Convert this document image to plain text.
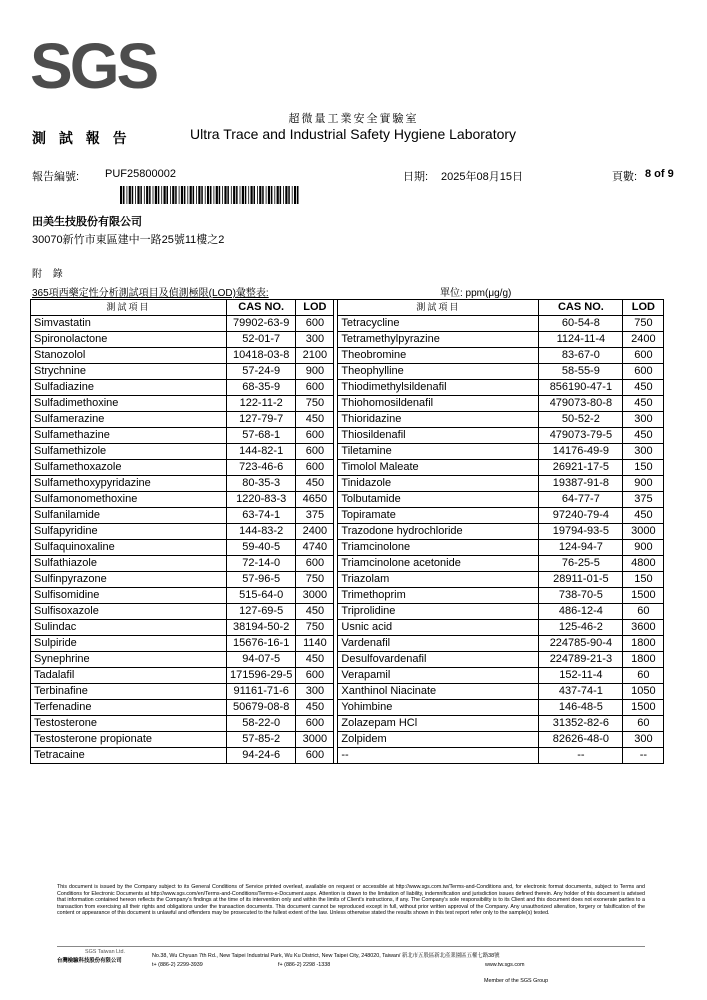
SGS
超微量工業安全實驗室
測 試 報 告	Ultra Trace and Industrial Safety Hygiene Laboratory
報告編號: PUF25800002	日期: 2025年08月15日	頁數: 8 of 9
田美生技股份有限公司
30070新竹市東區建中一路25號11樓之2
附 錄
365項西藥定性分析測試項目及偵測極限(LOD)彙整表:	單位: ppm(μg/g)
測試項目	CAS NO.	LOD		測試項目	CAS NO.	LOD
Simvastatin	79902-63-9	600		Tetracycline	60-54-8	750
Spironolactone	52-01-7	300		Tetramethylpyrazine	1124-11-4	2400
Stanozolol	10418-03-8	2100		Theobromine	83-67-0	600
Strychnine	57-24-9	900		Theophylline	58-55-9	600
Sulfadiazine	68-35-9	600		Thiodimethylsildenafil	856190-47-1	450
Sulfadimethoxine	122-11-2	750		Thiohomosildenafil	479073-80-8	450
Sulfamerazine	127-79-7	450		Thioridazine	50-52-2	300
Sulfamethazine	57-68-1	600		Thiosildenafil	479073-79-5	450
Sulfamethizole	144-82-1	600		Tiletamine	14176-49-9	300
Sulfamethoxazole	723-46-6	600		Timolol Maleate	26921-17-5	150
Sulfamethoxypyridazine	80-35-3	450		Tinidazole	19387-91-8	900
Sulfamonomethoxine	1220-83-3	4650		Tolbutamide	64-77-7	375
Sulfanilamide	63-74-1	375		Topiramate	97240-79-4	450
Sulfapyridine	144-83-2	2400		Trazodone hydrochloride	19794-93-5	3000
Sulfaquinoxaline	59-40-5	4740		Triamcinolone	124-94-7	900
Sulfathiazole	72-14-0	600		Triamcinolone acetonide	76-25-5	4800
Sulfinpyrazone	57-96-5	750		Triazolam	28911-01-5	150
Sulfisomidine	515-64-0	3000		Trimethoprim	738-70-5	1500
Sulfisoxazole	127-69-5	450		Triprolidine	486-12-4	60
Sulindac	38194-50-2	750		Usnic acid	125-46-2	3600
Sulpiride	15676-16-1	1140		Vardenafil	224785-90-4	1800
Synephrine	94-07-5	450		Desulfovardenafil	224789-21-3	1800
Tadalafil	171596-29-5	600		Verapamil	152-11-4	60
Terbinafine	91161-71-6	300		Xanthinol Niacinate	437-74-1	1050
Terfenadine	50679-08-8	450		Yohimbine	146-48-5	1500
Testosterone	58-22-0	600		Zolazepam HCl	31352-82-6	60
Testosterone propionate	57-85-2	3000		Zolpidem	82626-48-0	300
Tetracaine	94-24-6	600		--	--	--
This document is issued by the Company subject to its General Conditions of Service printed overleaf, available on request or accessible at http://www.sgs.com.tw/Terms-and-Conditions and, for electronic format documents, subject to Terms and Conditions for Electronic Documents at http://www.sgs.com/en/Terms-and-Conditions/Terms-e-Document.aspx. Attention is drawn to the limitation of liability, indemnification and jurisdiction issues defined therein. Any holder of this document is advised that information contained hereon reflects the Company's findings at the time of its intervention only and within the limits of Client's instructions, if any. The Company's sole responsibility is to its Client and this document does not exonerate parties to a transaction from exercising all their rights and obligations under the transaction documents. This document cannot be reproduced except in full, without prior written approval of the Company. Any unauthorized alteration, forgery or falsification of the content or appearance of this document is unlawful and offenders may be prosecuted to the fullest extent of the law. Unless otherwise stated the results shown in this test report refer only to the sample(s) tested.
SGS Taiwan Ltd.
台灣檢驗科技股份有限公司
No.38, Wu Chyuan 7th Rd., New Taipei Industrial Park, Wu Ku District, New Taipei City, 248020, Taiwan/ 新北市五股區新北產業園區五權七路38號
t+ (886-2) 2299-3939	f+ (886-2) 2298 -1338	www.tw.sgs.com
Member of the SGS Group
